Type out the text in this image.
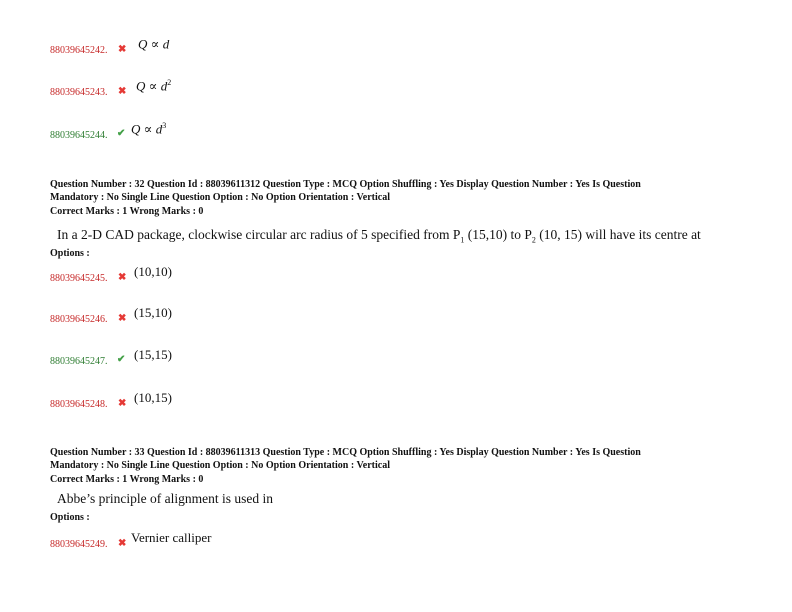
88039645242. ✖ Q ∝ d
88039645243. ✖ $Q \propto d^2$
88039645244. ✔ $Q \propto d^3$
Question Number : 32 Question Id : 88039611312 Question Type : MCQ Option Shuffling : Yes Display Question Number : Yes Is Question
Mandatory : No Single Line Question Option : No Option Orientation : Vertical
Correct Marks : 1 Wrong Marks : 0
In a 2-D CAD package, clockwise circular arc radius of 5 specified from $P_1$ (15,10) to $P_2$ (10, 15) will have its centre at
Options :
88039645245. ✖ (10,10)
88039645246. ✖ (15,10)
88039645247. ✔ (15,15)
88039645248. ✖ (10,15)
Question Number : 33 Question Id : 88039611313 Question Type : MCQ Option Shuffling : Yes Display Question Number : Yes Is Question
Mandatory : No Single Line Question Option : No Option Orientation : Vertical
Correct Marks : 1 Wrong Marks : 0
Abbe’s principle of alignment is used in
Options :
88039645249. ✖ Vernier calliper
